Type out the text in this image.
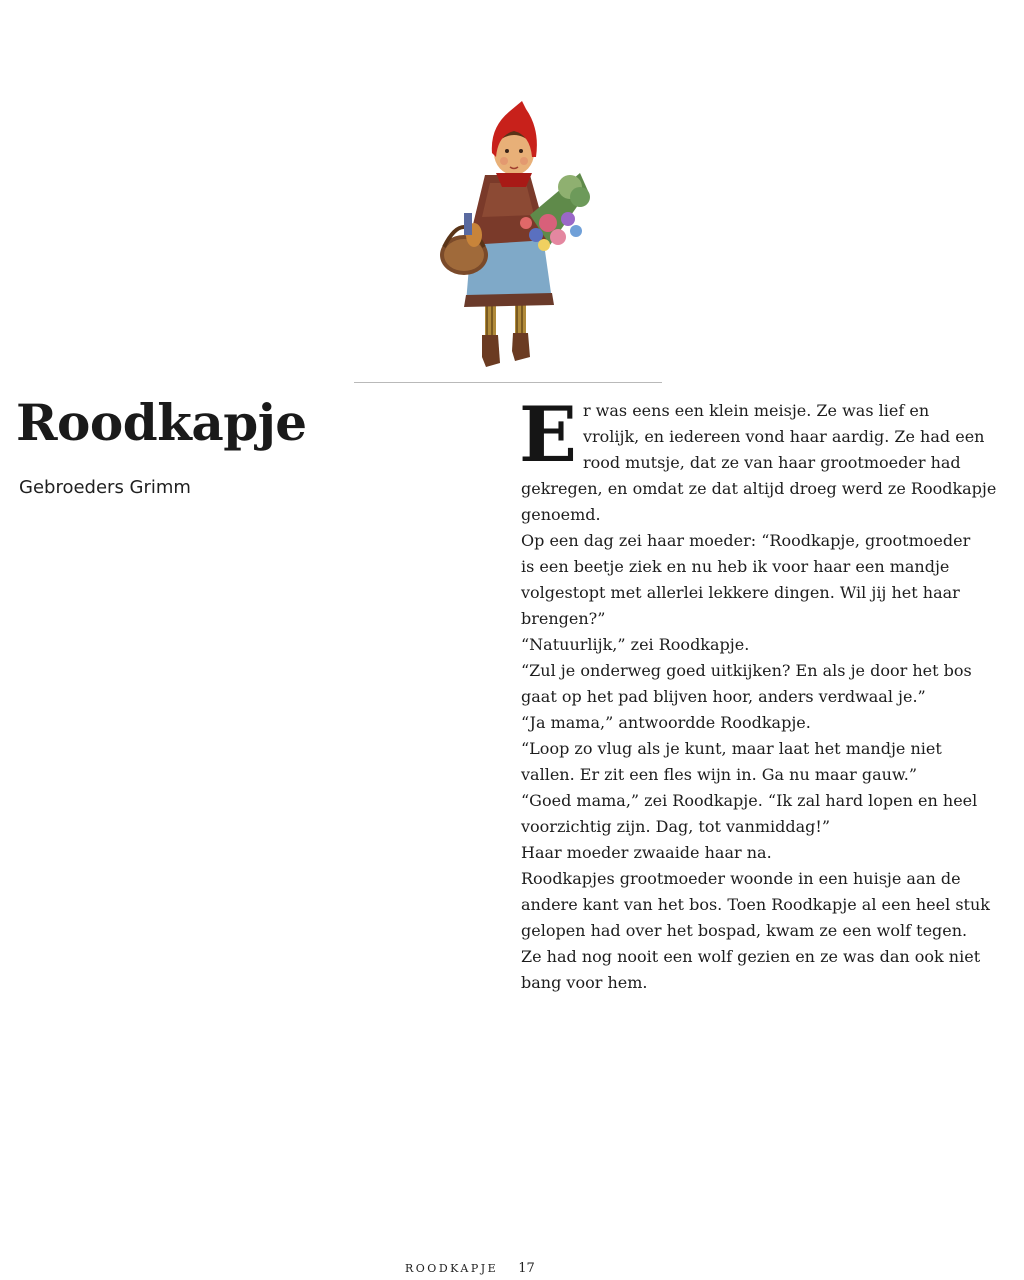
Roodkapje

Gebroeders Grimm

E r was eens een klein meisje. Ze was lief en

vrolijk, en iedereen vond haar aardig. Ze had een

rood mutsje, dat ze van haar grootmoeder had

gekregen, en omdat ze dat altijd droeg werd ze Roodkapje

genoemd.

Op een dag zei haar moeder: “Roodkapje, grootmoeder

is een beetje ziek en nu heb ik voor haar een mandje

volgestopt met allerlei lekkere dingen. Wil jij het haar

brengen?”

“Natuurlijk,” zei Roodkapje.

“Zul je onderweg goed uitkijken? En als je door het bos

gaat op het pad blijven hoor, anders verdwaal je.”

“Ja mama,” antwoordde Roodkapje.

“Loop zo vlug als je kunt, maar laat het mandje niet

vallen. Er zit een fles wijn in. Ga nu maar gauw.”

“Goed mama,” zei Roodkapje. “Ik zal hard lopen en heel

voorzichtig zijn. Dag, tot vanmiddag!”

Haar moeder zwaaide haar na.

Roodkapjes grootmoeder woonde in een huisje aan de

andere kant van het bos. Toen Roodkapje al een heel stuk

gelopen had over het bospad, kwam ze een wolf tegen.

Ze had nog nooit een wolf gezien en ze was dan ook niet

bang voor hem.

ROODKAPJE 17
